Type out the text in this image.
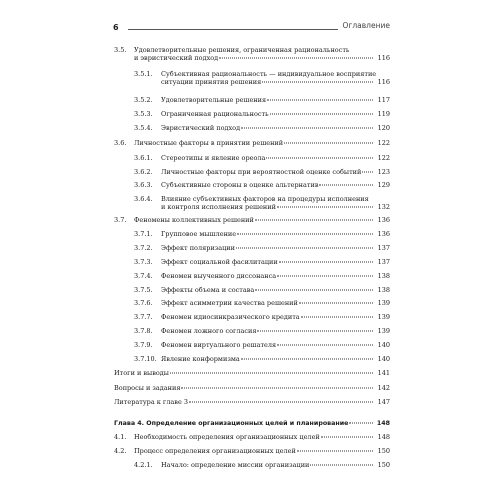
6	Оглавление
3.5.	Удовлетворительные решения, ограниченная рациональность
и эвристический подход	116
3.5.1.	Субъективная рациональность — индивидуальное восприятие
ситуации принятия решения	116
3.5.2.	Удовлетворительные решения	117
3.5.3.	Ограниченная рациональность	119
3.5.4.	Эвристический подход	120
3.6.	Личностные факторы в принятии решений	122
3.6.1.	Стереотипы и явление ореола	122
3.6.2.	Личностные факторы при вероятностной оценке событий	123
3.6.3.	Субъективные стороны в оценке альтернатив	129
3.6.4.	Влияние субъективных факторов на процедуры исполнения
и контроля исполнения решений	132
3.7.	Феномены коллективных решений	136
3.7.1.	Групповое мышление	136
3.7.2.	Эффект поляризации	137
3.7.3.	Эффект социальной фасилитации	137
3.7.4.	Феномен выученного диссонанса	138
3.7.5.	Эффекты объема и состава	138
3.7.6.	Эффект асимметрии качества решений	139
3.7.7.	Феномен идиосинкразического кредита	139
3.7.8.	Феномен ложного согласия	139
3.7.9.	Феномен виртуального решателя	140
3.7.10. Явление конформизма	140
Итоги и выводы	141
Вопросы и задания	142
Литература к главе 3	147
Глава 4. Определение организационных целей и планирование	148
4.1.	Необходимость определения организационных целей	148
4.2.	Процесс определения организационных целей	150
4.2.1.	Начало: определение миссии организации	150
